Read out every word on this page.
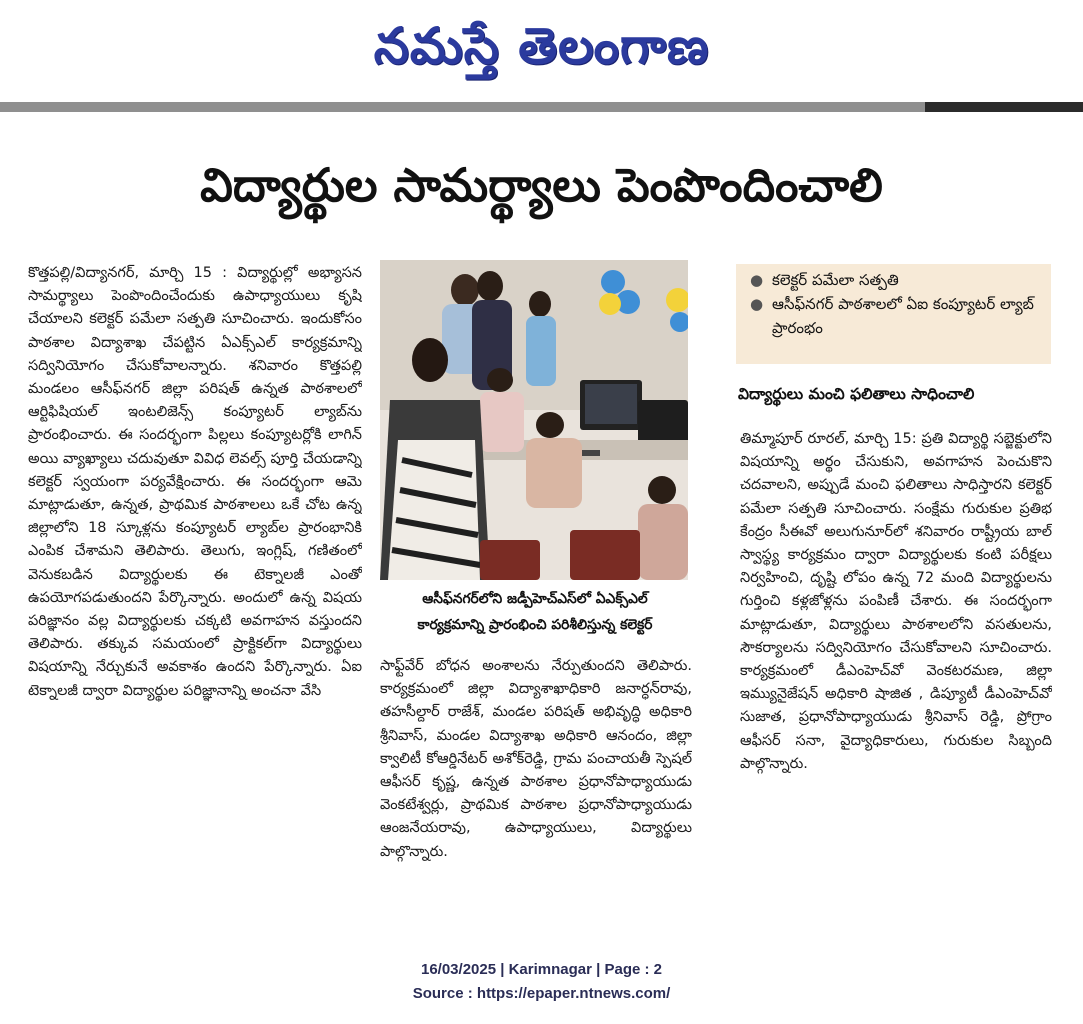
నమస్తే తెలంగాణ
విద్యార్థుల సామర్థ్యాలు పెంపొందించాలి

కొత్తపల్లి/విద్యానగర్, మార్చి 15 : విద్యార్థుల్లో అభ్యాసన సామర్థ్యాలు పెంపొందించేందుకు ఉపాధ్యాయులు కృషి చేయాలని కలెక్టర్ పమేలా సత్పతి సూచించారు. ఇందుకోసం పాఠశాల విద్యాశాఖ చేపట్టిన ఏఎక్స్ఎల్ కార్యక్రమాన్ని సద్వినియోగం చేసుకోవాలన్నారు. శనివారం కొత్తపల్లి మండలం ఆసీఫ్‌నగర్ జిల్లా పరిషత్ ఉన్నత పాఠశాలలో ఆర్టిఫిషియల్ ఇంటలిజెన్స్ కంప్యూటర్ ల్యాబ్‌ను ప్రారంభించారు. ఈ సందర్భంగా పిల్లలు కంప్యూటర్లోకి లాగిన్ అయి వ్యాఖ్యాలు చదువుతూ వివిధ లెవల్స్ పూర్తి చేయడాన్ని కలెక్టర్ స్వయంగా పర్యవేక్షించారు. ఈ సందర్భంగా ఆమె మాట్లాడుతూ, ఉన్నత, ప్రాథమిక పాఠశాలలు ఒకే చోట ఉన్న జిల్లాలోని 18 స్కూళ్లను కంప్యూటర్ ల్యాబ్‌ల ప్రారంభానికి ఎంపిక చేశామని తెలిపారు. తెలుగు, ఇంగ్లిష్, గణితంలో వెనుకబడిన విద్యార్థులకు ఈ టెక్నాలజీ ఎంతో ఉపయోగపడుతుందని పేర్కొన్నారు. అందులో ఉన్న విషయ పరిజ్ఞానం వల్ల విద్యార్థులకు చక్కటి అవగాహన వస్తుందని తెలిపారు. తక్కువ సమయంలో ప్రాక్టికల్‌గా విద్యార్థులు విషయాన్ని నేర్చుకునే అవకాశం ఉందని పేర్కొన్నారు. ఏఐ టెక్నాలజీ ద్వారా విద్యార్థుల పరిజ్ఞానాన్ని అంచనా వేసి

ఆసీఫ్‌నగర్‌లోని జడ్పీహెచ్ఎస్‌లో ఏఎక్స్ఎల్
కార్యక్రమాన్ని ప్రారంభించి పరిశీలిస్తున్న కలెక్టర్

సాఫ్ట్‌వేర్ బోధన అంశాలను నేర్పుతుందని తెలిపారు. కార్యక్రమంలో జిల్లా విద్యాశాఖాధికారి జనార్ధన్‌రావు, తహసీల్దార్ రాజేశ్, మండల పరిషత్ అభివృద్ధి అధికారి శ్రీనివాస్, మండల విద్యాశాఖ అధికారి ఆనందం, జిల్లా క్వాలిటీ కోఆర్డినేటర్ అశోక్‌రెడ్డి, గ్రామ పంచాయతీ స్పెషల్ ఆఫీసర్ కృష్ణ, ఉన్నత పాఠశాల ప్రధానోపాధ్యాయుడు వెంకటేశ్వర్లు, ప్రాథమిక పాఠశాల ప్రధానోపాధ్యాయుడు ఆంజనేయరావు, ఉపాధ్యాయులు, విద్యార్థులు పాల్గొన్నారు.

● కలెక్టర్ పమేలా సత్పతి
● ఆసీఫ్‌నగర్ పాఠశాలలో ఏఐ కంప్యూటర్ ల్యాబ్ ప్రారంభం
విద్యార్థులు మంచి ఫలితాలు సాధించాలి

తిమ్మాపూర్ రూరల్, మార్చి 15: ప్రతి విద్యార్థి సబ్జెక్టులోని విషయాన్ని అర్థం చేసుకుని, అవగాహన పెంచుకొని చదవాలని, అప్పుడే మంచి ఫలితాలు సాధిస్తారని కలెక్టర్ పమేలా సత్పతి సూచించారు. సంక్షేమ గురుకుల ప్రతిభ కేంద్రం సీఈవో అలుగునూర్‌లో శనివారం రాష్ట్రీయ బాల్ స్వాస్థ్య కార్యక్రమం ద్వారా విద్యార్థులకు కంటి పరీక్షలు నిర్వహించి, దృష్టి లోపం ఉన్న 72 మంది విద్యార్థులను గుర్తించి కళ్లజోళ్లను పంపిణీ చేశారు. ఈ సందర్భంగా మాట్లాడుతూ, విద్యార్థులు పాఠశాలలోని వసతులను, సౌకర్యాలను సద్వినియోగం చేసుకోవాలని సూచించారు. కార్యక్రమంలో డీఎంహెచ్‌వో వెంకటరమణ, జిల్లా ఇమ్యునైజేషన్ అధికారి షాజిత , డిప్యూటీ డీఎంహెచ్‌వో సుజాత, ప్రధానోపాధ్యాయుడు శ్రీనివాస్ రెడ్డి, ప్రోగ్రాం ఆఫీసర్ సనా, వైద్యాధికారులు, గురుకుల సిబ్బంది పాల్గొన్నారు.

16/03/2025 | Karimnagar | Page : 2
Source : https://epaper.ntnews.com/
